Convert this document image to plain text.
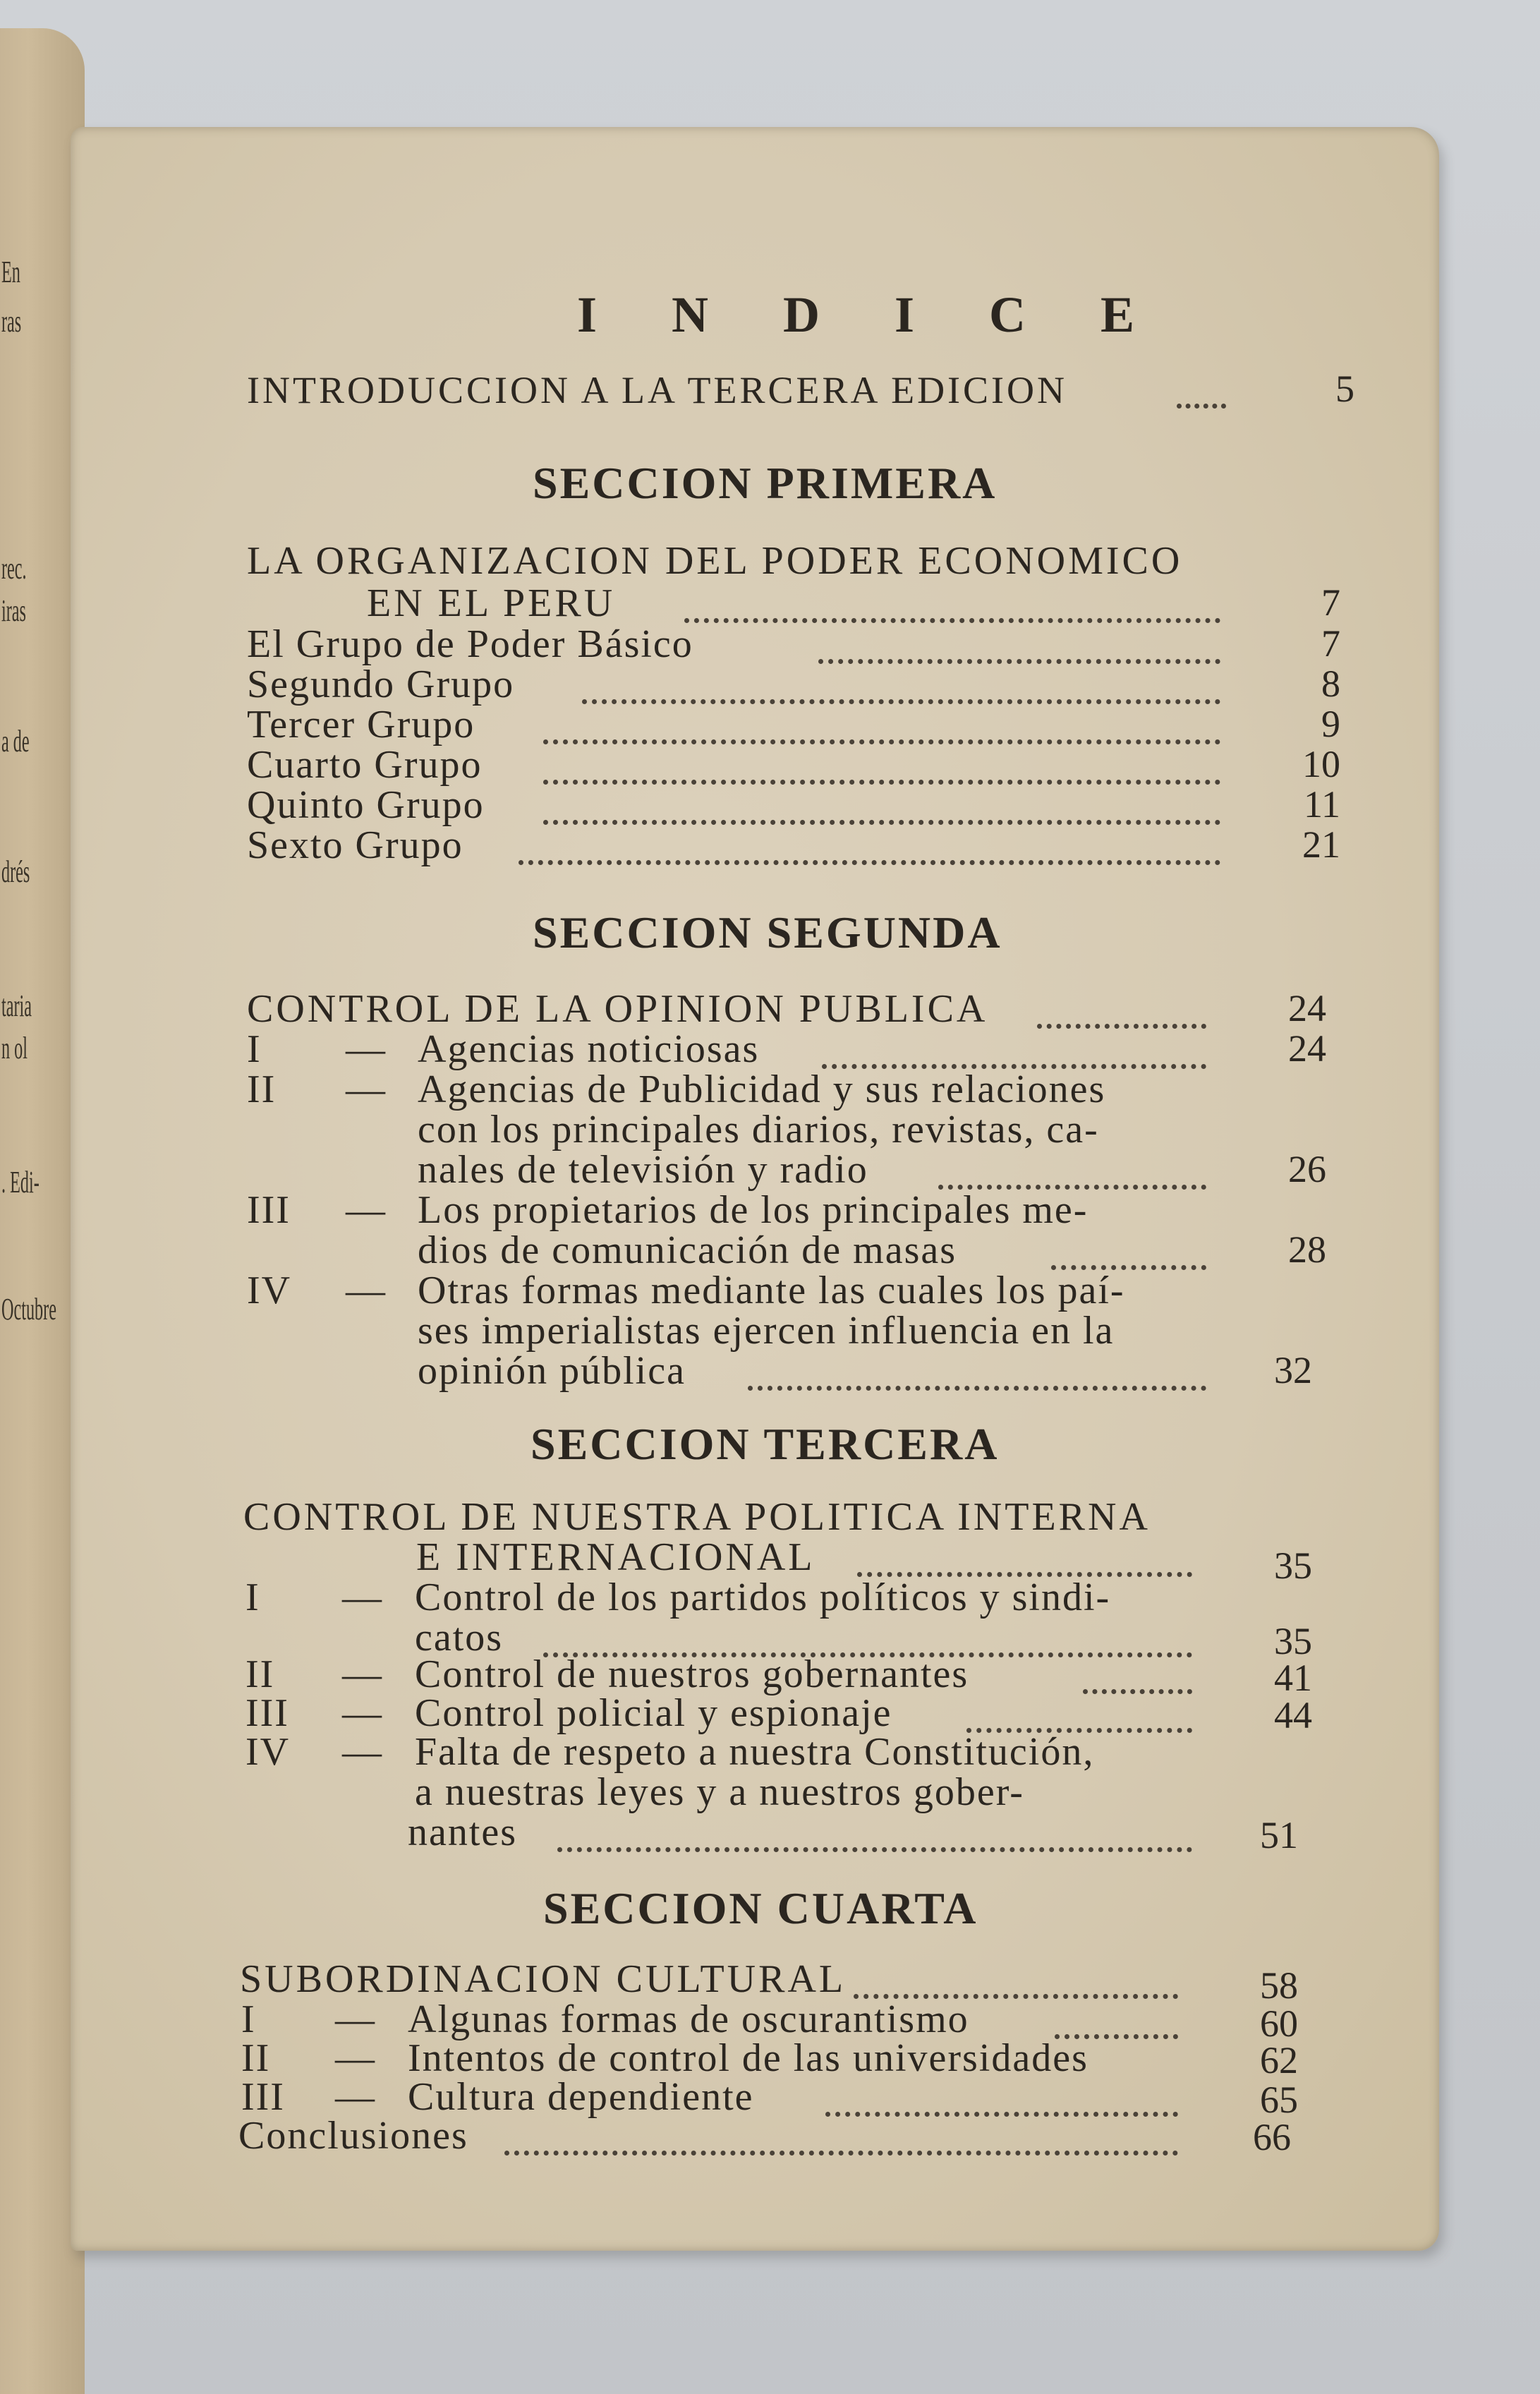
En
ras
rec.
iras
a de
drés
taria
n ol
. Edi-
Octubre
I N D I C E
INTRODUCCION A LA TERCERA EDICION	5
SECCION PRIMERA
LA ORGANIZACION DEL PODER ECONOMICO
EN EL PERU	7
El Grupo de Poder Básico	7
Segundo Grupo	8
Tercer Grupo	9
Cuarto Grupo	10
Quinto Grupo	11
Sexto Grupo	21
SECCION SEGUNDA
CONTROL DE LA OPINION PUBLICA	24
I — Agencias noticiosas	24
II — Agencias de Publicidad y sus relaciones
con los principales diarios, revistas, ca-
nales de televisión y radio	26
III — Los propietarios de los principales me-
dios de comunicación de masas	28
IV — Otras formas mediante las cuales los paí-
ses imperialistas ejercen influencia en la
opinión pública	32
SECCION TERCERA
CONTROL DE NUESTRA POLITICA INTERNA
E INTERNACIONAL	35
I — Control de los partidos políticos y sindi-
catos	35
II — Control de nuestros gobernantes	41
III — Control policial y espionaje	44
IV — Falta de respeto a nuestra Constitución,
a nuestras leyes y a nuestros gober-
nantes	51
SECCION CUARTA
SUBORDINACION CULTURAL	58
I — Algunas formas de oscurantismo	60
II — Intentos de control de las universidades	62
III — Cultura dependiente	65
Conclusiones	66
